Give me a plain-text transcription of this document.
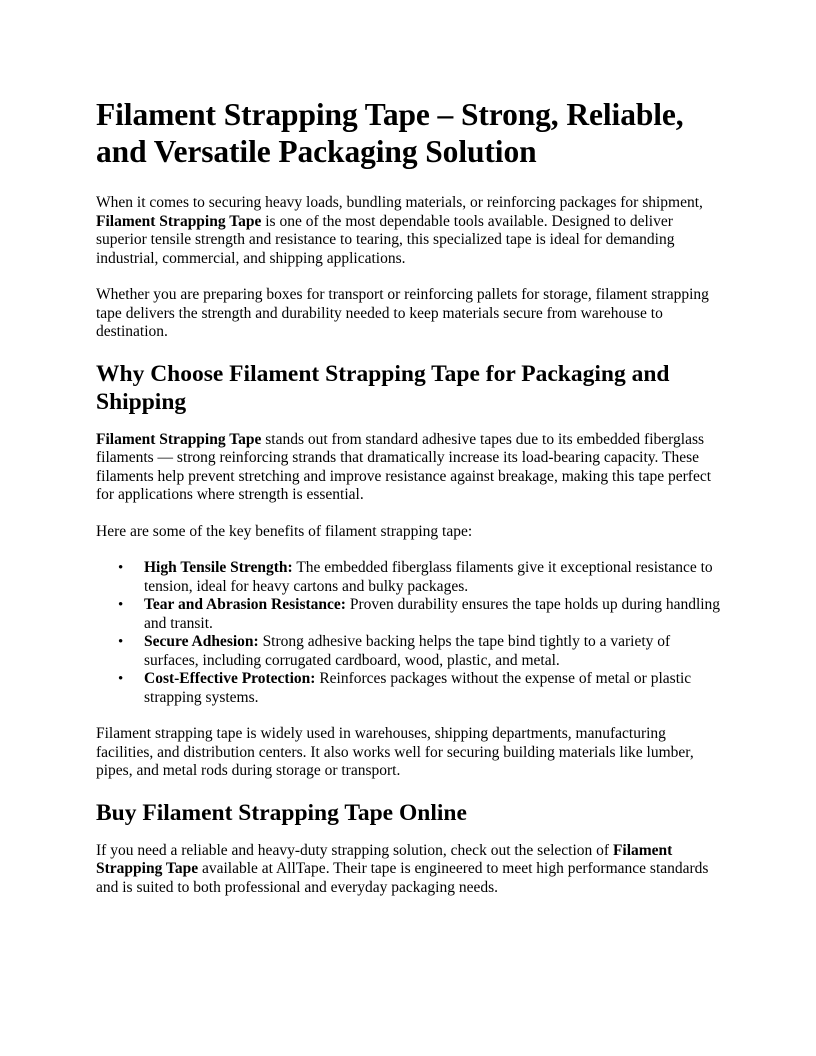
Filament Strapping Tape – Strong, Reliable, and Versatile Packaging Solution

When it comes to securing heavy loads, bundling materials, or reinforcing packages for shipment, Filament Strapping Tape is one of the most dependable tools available. Designed to deliver superior tensile strength and resistance to tearing, this specialized tape is ideal for demanding industrial, commercial, and shipping applications.

Whether you are preparing boxes for transport or reinforcing pallets for storage, filament strapping tape delivers the strength and durability needed to keep materials secure from warehouse to destination.

Why Choose Filament Strapping Tape for Packaging and Shipping

Filament Strapping Tape stands out from standard adhesive tapes due to its embedded fiberglass filaments — strong reinforcing strands that dramatically increase its load-bearing capacity. These filaments help prevent stretching and improve resistance against breakage, making this tape perfect for applications where strength is essential.

Here are some of the key benefits of filament strapping tape:

• High Tensile Strength: The embedded fiberglass filaments give it exceptional resistance to tension, ideal for heavy cartons and bulky packages.
• Tear and Abrasion Resistance: Proven durability ensures the tape holds up during handling and transit.
• Secure Adhesion: Strong adhesive backing helps the tape bind tightly to a variety of surfaces, including corrugated cardboard, wood, plastic, and metal.
• Cost-Effective Protection: Reinforces packages without the expense of metal or plastic strapping systems.

Filament strapping tape is widely used in warehouses, shipping departments, manufacturing facilities, and distribution centers. It also works well for securing building materials like lumber, pipes, and metal rods during storage or transport.

Buy Filament Strapping Tape Online

If you need a reliable and heavy-duty strapping solution, check out the selection of Filament Strapping Tape available at AllTape. Their tape is engineered to meet high performance standards and is suited to both professional and everyday packaging needs.
